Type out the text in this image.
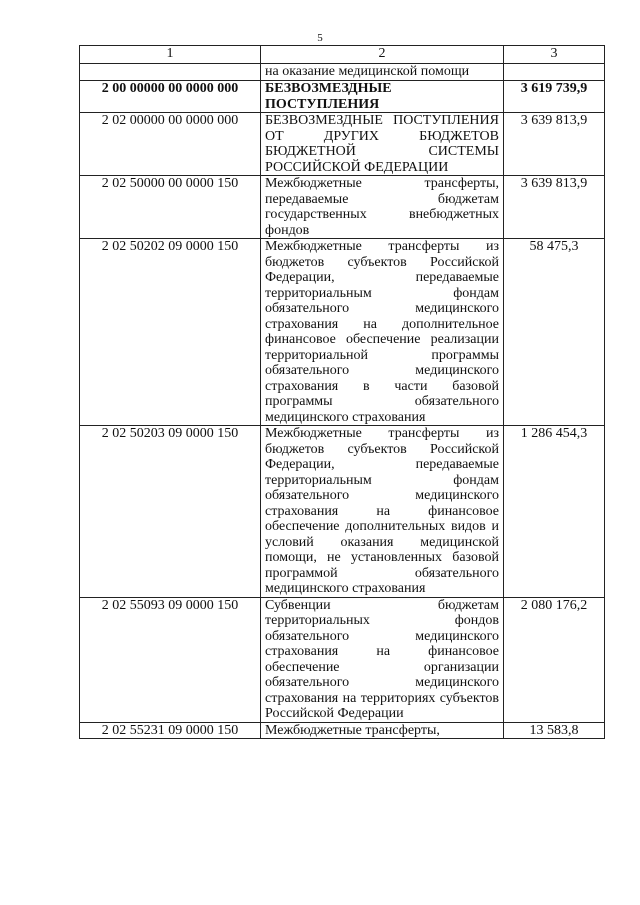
5
1	2	3
	на оказание медицинской помощи	
2 00 00000 00 0000 000	БЕЗВОЗМЕЗДНЫЕ ПОСТУПЛЕНИЯ	3 619 739,9
2 02 00000 00 0000 000	БЕЗВОЗМЕЗДНЫЕ ПОСТУПЛЕНИЯ ОТ ДРУГИХ БЮДЖЕТОВ БЮДЖЕТНОЙ СИСТЕМЫ РОССИЙСКОЙ ФЕДЕРАЦИИ	3 639 813,9
2 02 50000 00 0000 150	Межбюджетные трансферты, передаваемые бюджетам государственных внебюджетных фондов	3 639 813,9
2 02 50202 09 0000 150	Межбюджетные трансферты из бюджетов субъектов Российской Федерации, передаваемые территориальным фондам обязательного медицинского страхования на дополнительное финансовое обеспечение реализации территориальной программы обязательного медицинского страхования в части базовой программы обязательного медицинского страхования	58 475,3
2 02 50203 09 0000 150	Межбюджетные трансферты из бюджетов субъектов Российской Федерации, передаваемые территориальным фондам обязательного медицинского страхования на финансовое обеспечение дополнительных видов и условий оказания медицинской помощи, не установленных базовой программой обязательного медицинского страхования	1 286 454,3
2 02 55093 09 0000 150	Субвенции бюджетам территориальных фондов обязательного медицинского страхования на финансовое обеспечение организации обязательного медицинского страхования на территориях субъектов Российской Федерации	2 080 176,2
2 02 55231 09 0000 150	Межбюджетные трансферты,	13 583,8
